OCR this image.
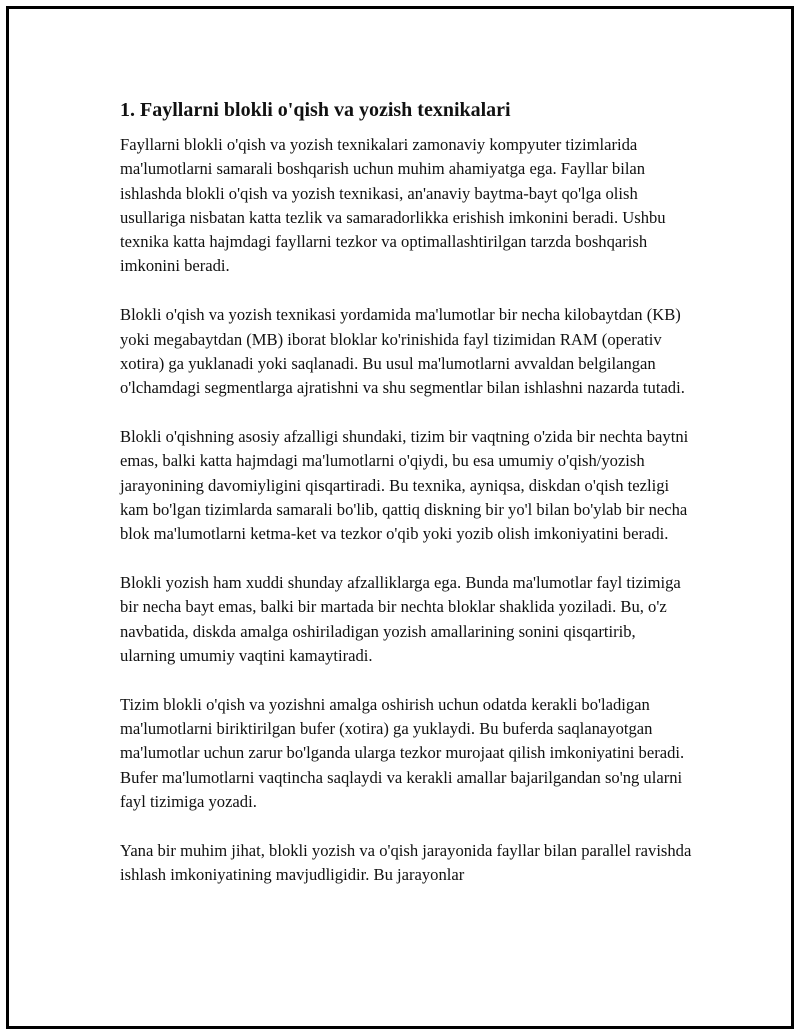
1. Fayllarni blokli o'qish va yozish texnikalari

Fayllarni blokli o'qish va yozish texnikalari zamonaviy kompyuter tizimlarida ma'lumotlarni samarali boshqarish uchun muhim ahamiyatga ega. Fayllar bilan ishlashda blokli o'qish va yozish texnikasi, an'anaviy baytma-bayt qo'lga olish usullariga nisbatan katta tezlik va samaradorlikka erishish imkonini beradi. Ushbu texnika katta hajmdagi fayllarni tezkor va optimallashtirilgan tarzda boshqarish imkonini beradi.

Blokli o'qish va yozish texnikasi yordamida ma'lumotlar bir necha kilobaytdan (KB) yoki megabaytdan (MB) iborat bloklar ko'rinishida fayl tizimidan RAM (operativ xotira) ga yuklanadi yoki saqlanadi. Bu usul ma'lumotlarni avvaldan belgilangan o'lchamdagi segmentlarga ajratishni va shu segmentlar bilan ishlashni nazarda tutadi.

Blokli o'qishning asosiy afzalligi shundaki, tizim bir vaqtning o'zida bir nechta baytni emas, balki katta hajmdagi ma'lumotlarni o'qiydi, bu esa umumiy o'qish/yozish jarayonining davomiyligini qisqartiradi. Bu texnika, ayniqsa, diskdan o'qish tezligi kam bo'lgan tizimlarda samarali bo'lib, qattiq diskning bir yo'l bilan bo'ylab bir necha blok ma'lumotlarni ketma-ket va tezkor o'qib yoki yozib olish imkoniyatini beradi.

Blokli yozish ham xuddi shunday afzalliklarga ega. Bunda ma'lumotlar fayl tizimiga bir necha bayt emas, balki bir martada bir nechta bloklar shaklida yoziladi. Bu, o'z navbatida, diskda amalga oshiriladigan yozish amallarining sonini qisqartirib, ularning umumiy vaqtini kamaytiradi.

Tizim blokli o'qish va yozishni amalga oshirish uchun odatda kerakli bo'ladigan ma'lumotlarni biriktirilgan bufer (xotira) ga yuklaydi. Bu buferda saqlanayotgan ma'lumotlar uchun zarur bo'lganda ularga tezkor murojaat qilish imkoniyatini beradi. Bufer ma'lumotlarni vaqtincha saqlaydi va kerakli amallar bajarilgandan so'ng ularni fayl tizimiga yozadi.

Yana bir muhim jihat, blokli yozish va o'qish jarayonida fayllar bilan parallel ravishda ishlash imkoniyatining mavjudligidir. Bu jarayonlar
